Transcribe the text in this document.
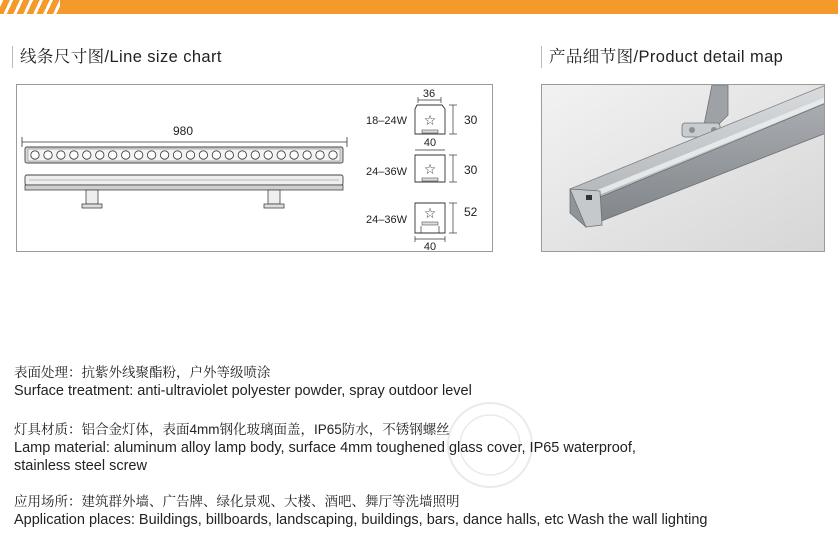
线条尺寸图/Line size chart	产品细节图/Product detail map
980
36
18–24W ☆ 30
40
24–36W ☆ 30
24–36W ☆ 52
40
表面处理：抗紫外线聚酯粉，户外等级喷涂
Surface treatment: anti-ultraviolet polyester powder, spray outdoor level
灯具材质：铝合金灯体，表面4mm钢化玻璃面盖，IP65防水，不锈钢螺丝
Lamp material: aluminum alloy lamp body, surface 4mm toughened glass cover, IP65 waterproof,
stainless steel screw
应用场所：建筑群外墙、广告牌、绿化景观、大楼、酒吧、舞厅等洗墙照明
Application places: Buildings, billboards, landscaping, buildings, bars, dance halls, etc Wash the wall lighting
